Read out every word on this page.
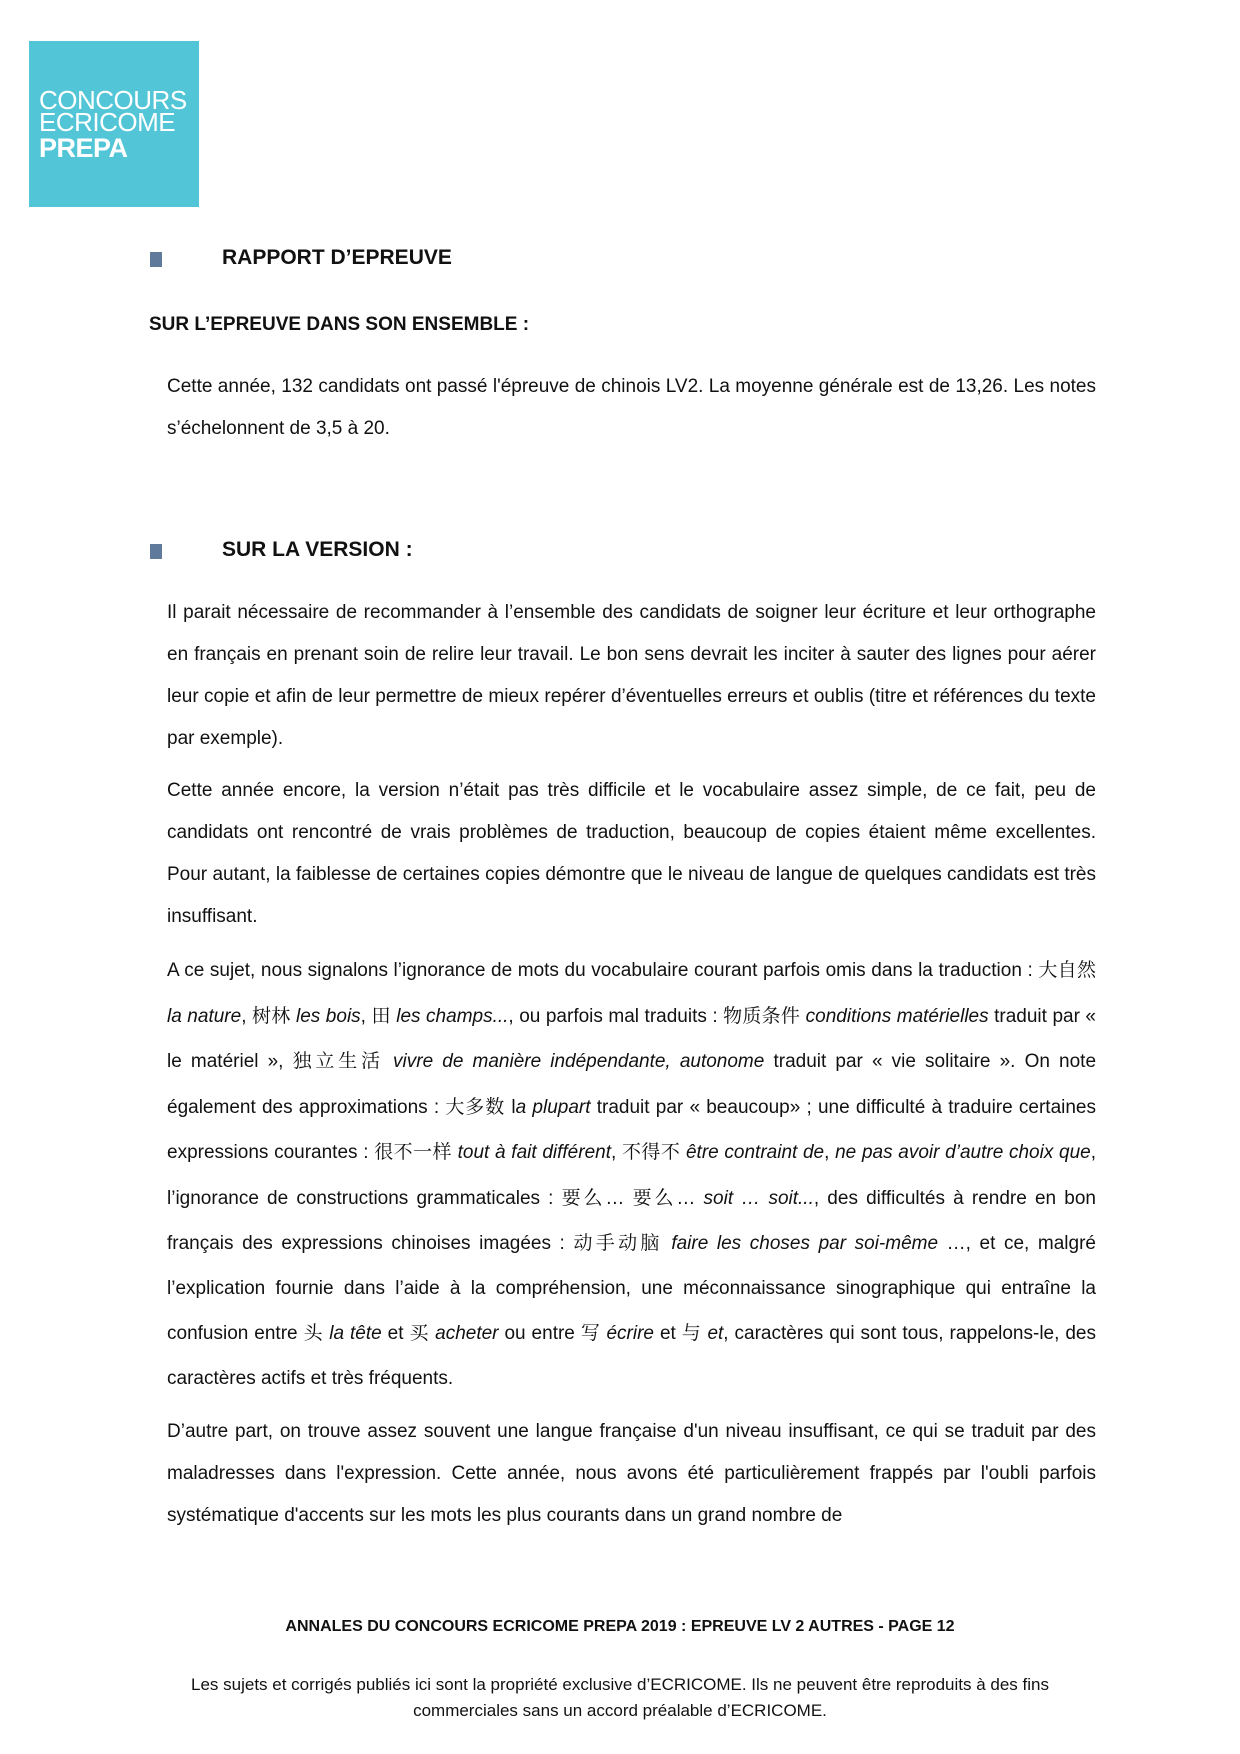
CONCOURS
ECRICOME
PREPA
RAPPORT D’EPREUVE
SUR L’EPREUVE DANS SON ENSEMBLE :

Cette année, 132 candidats ont passé l'épreuve de chinois LV2. La moyenne générale est de 13,26. Les notes s’échelonnent de 3,5 à 20.

SUR LA VERSION :

Il parait nécessaire de recommander à l’ensemble des candidats de soigner leur écriture et leur orthographe en français en prenant soin de relire leur travail. Le bon sens devrait les inciter à sauter des lignes pour aérer leur copie et afin de leur permettre de mieux repérer d’éventuelles erreurs et oublis (titre et références du texte par exemple).

Cette année encore, la version n’était pas très difficile et le vocabulaire assez simple, de ce fait, peu de candidats ont rencontré de vrais problèmes de traduction, beaucoup de copies étaient même excellentes. Pour autant, la faiblesse de certaines copies démontre que le niveau de langue de quelques candidats est très insuffisant.

A ce sujet, nous signalons l’ignorance de mots du vocabulaire courant parfois omis dans la traduction : 大自然 la nature, 树林 les bois, 田 les champs..., ou parfois mal traduits : 物质条件 conditions matérielles traduit par « le matériel », 独立生活 vivre de manière indépendante, autonome traduit par « vie solitaire ». On note également des approximations : 大多数 la plupart traduit par « beaucoup» ; une difficulté à traduire certaines expressions courantes : 很不一样 tout à fait différent, 不得不 être contraint de, ne pas avoir d’autre choix que, l’ignorance de constructions grammaticales : 要么… 要么… soit … soit..., des difficultés à rendre en bon français des expressions chinoises imagées : 动手动脑 faire les choses par soi-même …, et ce, malgré l’explication fournie dans l’aide à la compréhension, une méconnaissance sinographique qui entraîne la confusion entre 头 la tête et 买 acheter ou entre 写 écrire et 与 et, caractères qui sont tous, rappelons-le, des caractères actifs et très fréquents.

D’autre part, on trouve assez souvent une langue française d'un niveau insuffisant, ce qui se traduit par des maladresses dans l'expression. Cette année, nous avons été particulièrement frappés par l'oubli parfois systématique d'accents sur les mots les plus courants dans un grand nombre de

ANNALES DU CONCOURS ECRICOME PREPA 2019 : EPREUVE LV 2 AUTRES - PAGE 12
Les sujets et corrigés publiés ici sont la propriété exclusive d’ECRICOME. Ils ne peuvent être reproduits à des fins commerciales sans un accord préalable d’ECRICOME.
